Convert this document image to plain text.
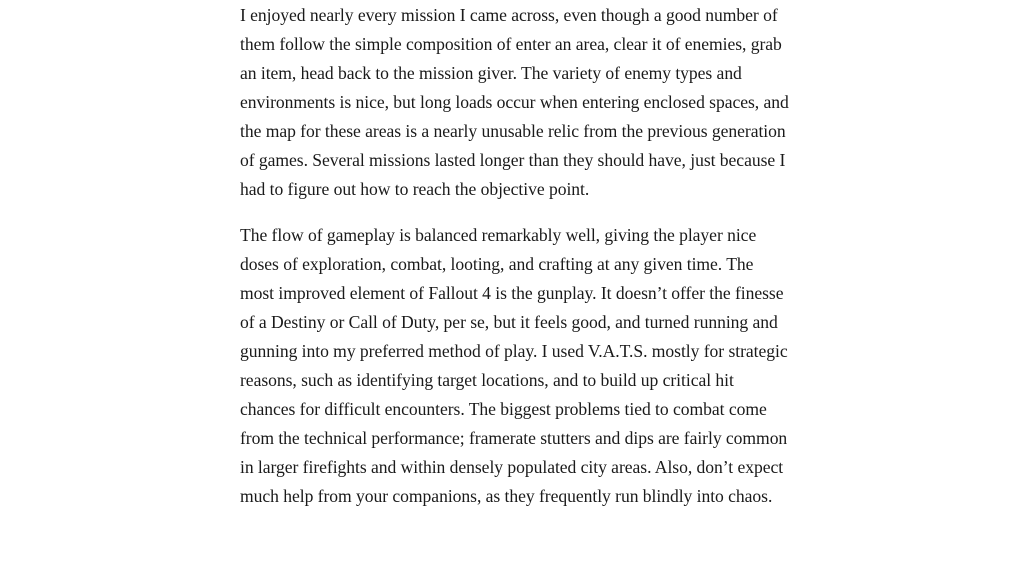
I enjoyed nearly every mission I came across, even though a good number of them follow the simple composition of enter an area, clear it of enemies, grab an item, head back to the mission giver. The variety of enemy types and environments is nice, but long loads occur when entering enclosed spaces, and the map for these areas is a nearly unusable relic from the previous generation of games. Several missions lasted longer than they should have, just because I had to figure out how to reach the objective point.

The flow of gameplay is balanced remarkably well, giving the player nice doses of exploration, combat, looting, and crafting at any given time. The most improved element of Fallout 4 is the gunplay. It doesn’t offer the finesse of a Destiny or Call of Duty, per se, but it feels good, and turned running and gunning into my preferred method of play. I used V.A.T.S. mostly for strategic reasons, such as identifying target locations, and to build up critical hit chances for difficult encounters. The biggest problems tied to combat come from the technical performance; framerate stutters and dips are fairly common in larger firefights and within densely populated city areas. Also, don’t expect much help from your companions, as they frequently run blindly into chaos.
